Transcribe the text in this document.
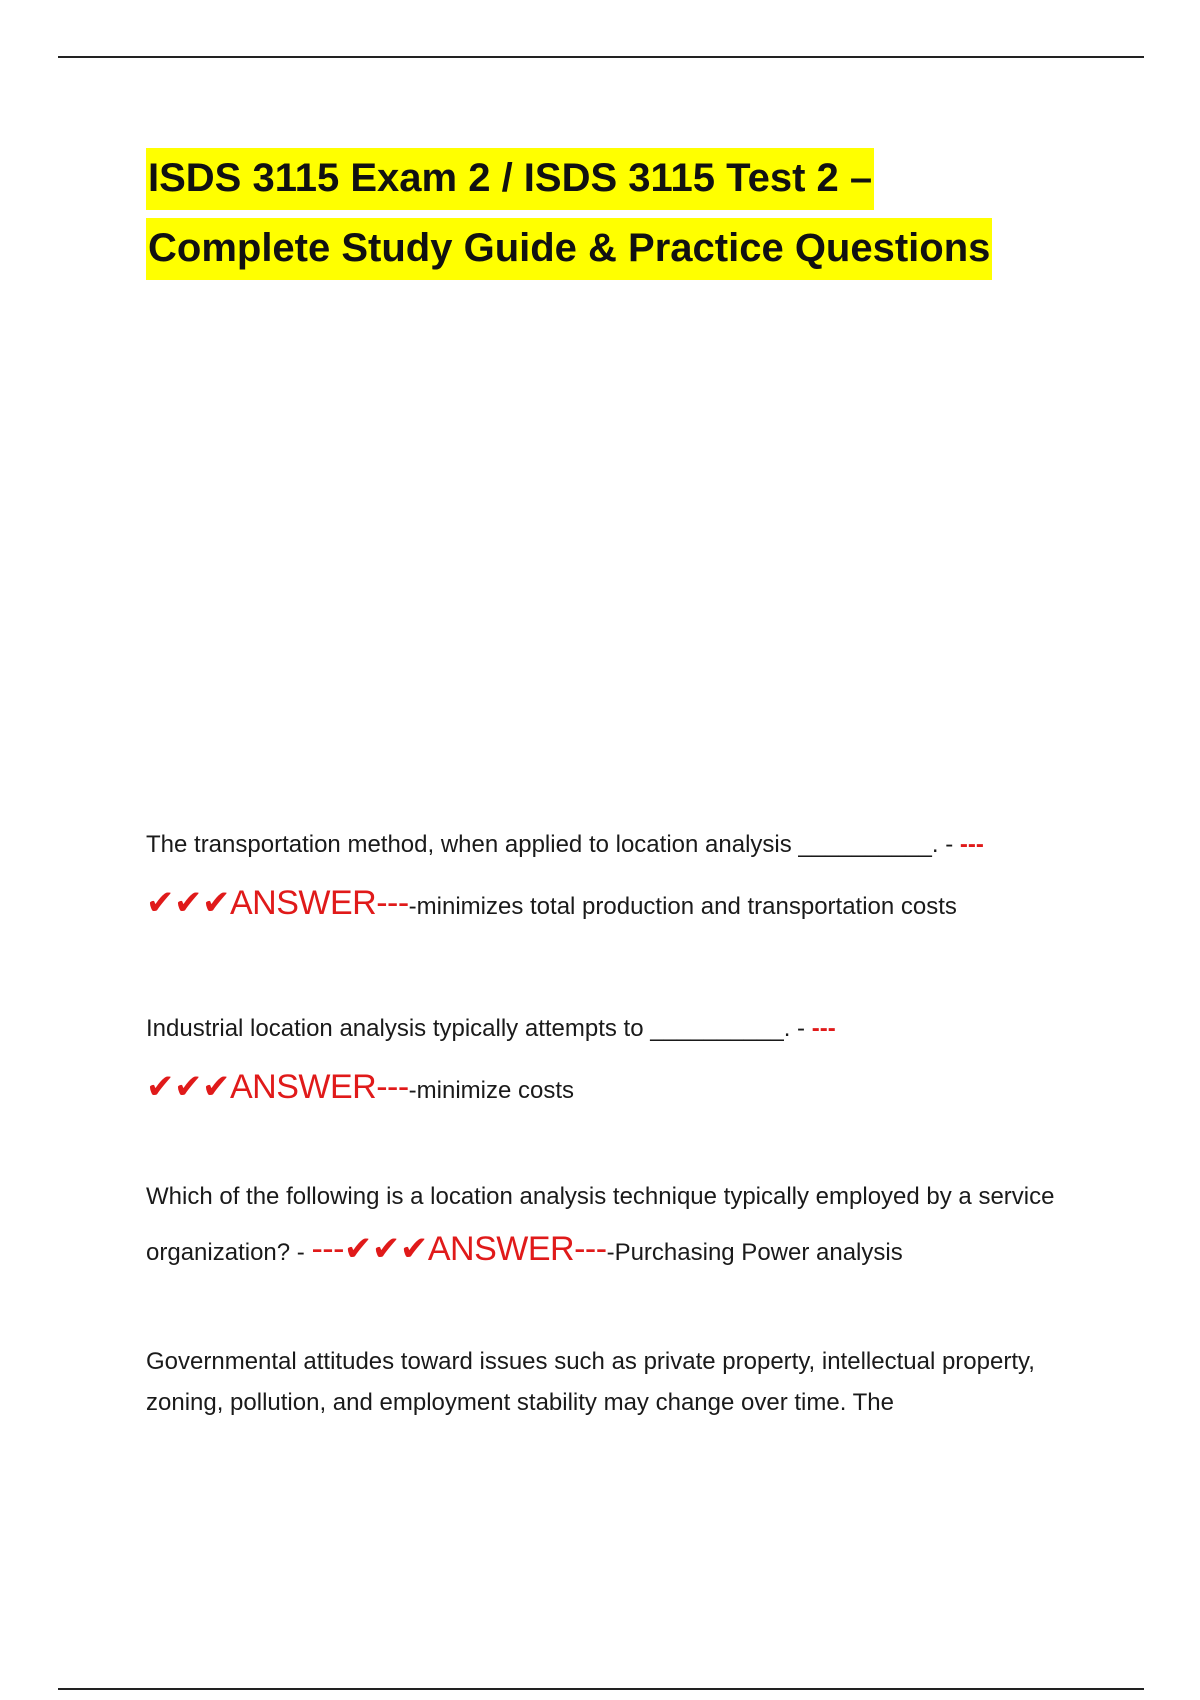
ISDS 3115 Exam 2 / ISDS 3115 Test 2 –
Complete Study Guide & Practice Questions

The transportation method, when applied to location analysis __________. - ---

✔✔✔ANSWER----minimizes total production and transportation costs

Industrial location analysis typically attempts to __________. - ---

✔✔✔ANSWER----minimize costs

Which of the following is a location analysis technique typically employed by a service organization? - ---✔✔✔ANSWER----Purchasing Power analysis

Governmental attitudes toward issues such as private property, intellectual property, zoning, pollution, and employment stability may change over time. The
